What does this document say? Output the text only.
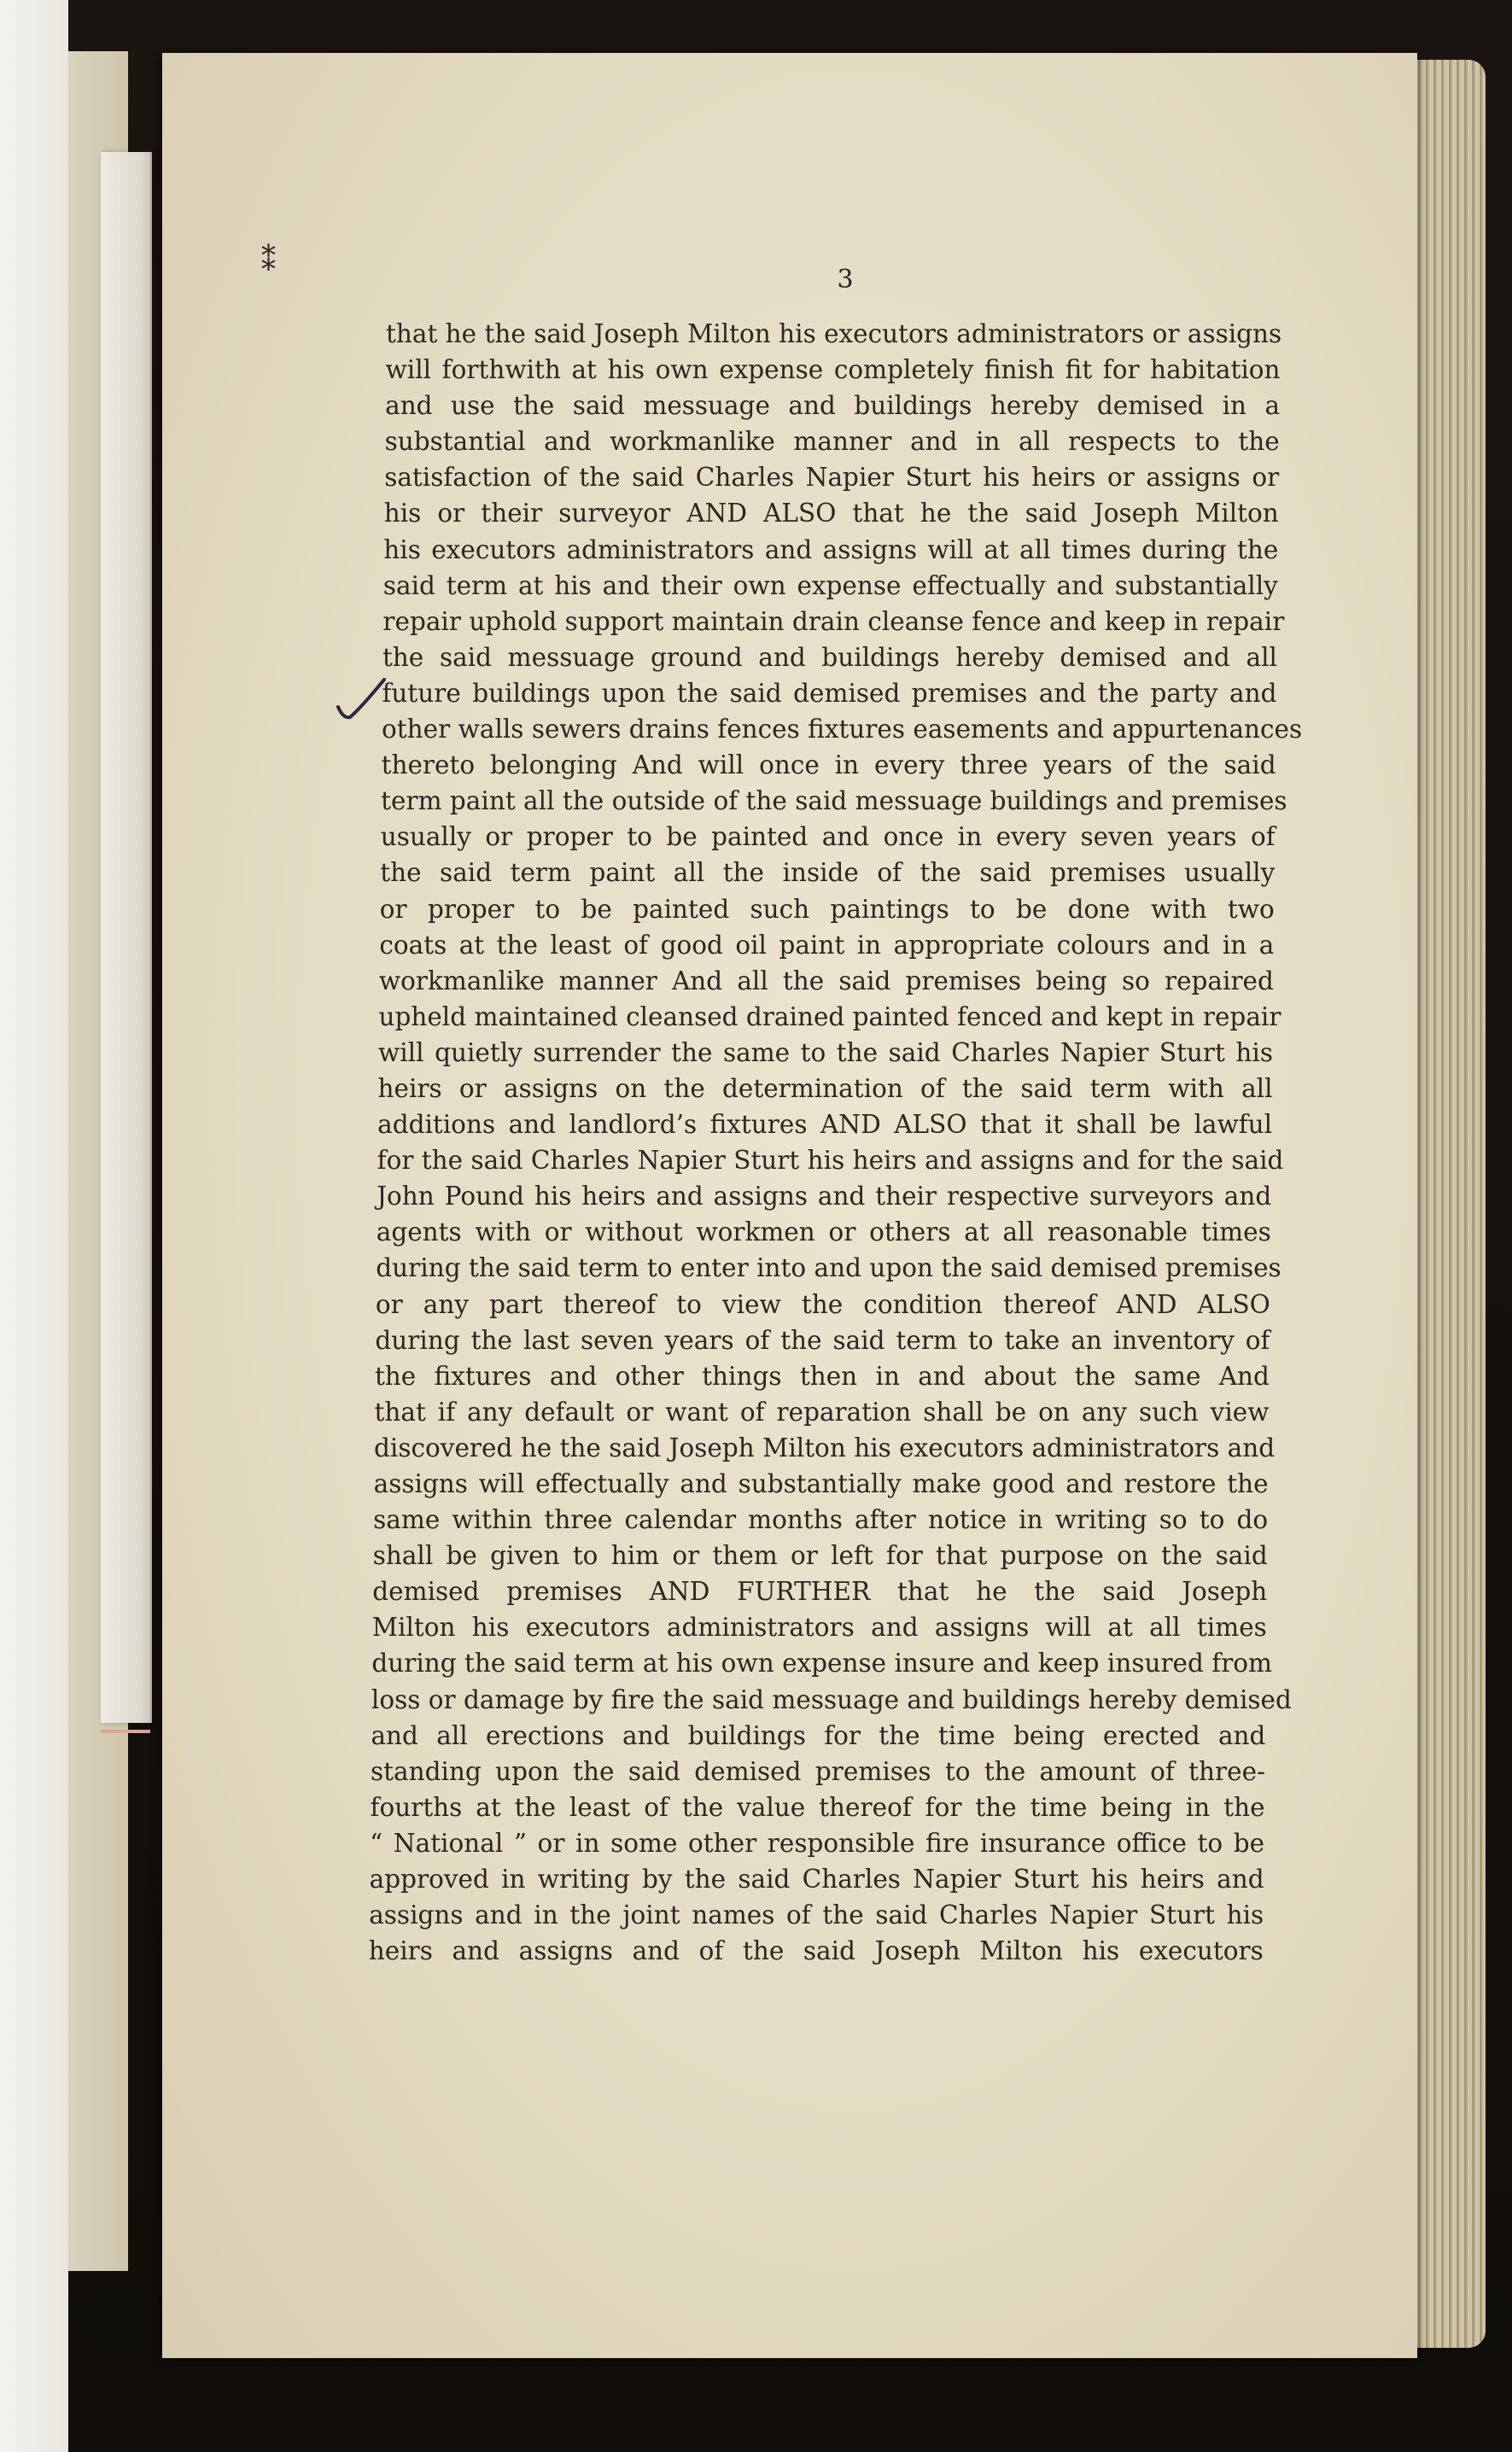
⁑
3
that he the said Joseph Milton his executors administrators or assigns
will forthwith at his own expense completely finish fit for habitation
and use the said messuage and buildings hereby demised in a
substantial and workmanlike manner and in all respects to the
satisfaction of the said Charles Napier Sturt his heirs or assigns or
his or their surveyor AND ALSO that he the said Joseph Milton
his executors administrators and assigns will at all times during the
said term at his and their own expense effectually and substantially
repair uphold support maintain drain cleanse fence and keep in repair
the said messuage ground and buildings hereby demised and all
future buildings upon the said demised premises and the party and
other walls sewers drains fences fixtures easements and appurtenances
thereto belonging And will once in every three years of the said
term paint all the outside of the said messuage buildings and premises
usually or proper to be painted and once in every seven years of
the said term paint all the inside of the said premises usually
or proper to be painted such paintings to be done with two
coats at the least of good oil paint in appropriate colours and in a
workmanlike manner And all the said premises being so repaired
upheld maintained cleansed drained painted fenced and kept in repair
will quietly surrender the same to the said Charles Napier Sturt his
heirs or assigns on the determination of the said term with all
additions and landlord’s fixtures AND ALSO that it shall be lawful
for the said Charles Napier Sturt his heirs and assigns and for the said
John Pound his heirs and assigns and their respective surveyors and
agents with or without workmen or others at all reasonable times
during the said term to enter into and upon the said demised premises
or any part thereof to view the condition thereof AND ALSO
during the last seven years of the said term to take an inventory of
the fixtures and other things then in and about the same And
that if any default or want of reparation shall be on any such view
discovered he the said Joseph Milton his executors administrators and
assigns will effectually and substantially make good and restore the
same within three calendar months after notice in writing so to do
shall be given to him or them or left for that purpose on the said
demised premises AND FURTHER that he the said Joseph
Milton his executors administrators and assigns will at all times
during the said term at his own expense insure and keep insured from
loss or damage by fire the said messuage and buildings hereby demised
and all erections and buildings for the time being erected and
standing upon the said demised premises to the amount of three-
fourths at the least of the value thereof for the time being in the
“ National ” or in some other responsible fire insurance office to be
approved in writing by the said Charles Napier Sturt his heirs and
assigns and in the joint names of the said Charles Napier Sturt his
heirs and assigns and of the said Joseph Milton his executors
